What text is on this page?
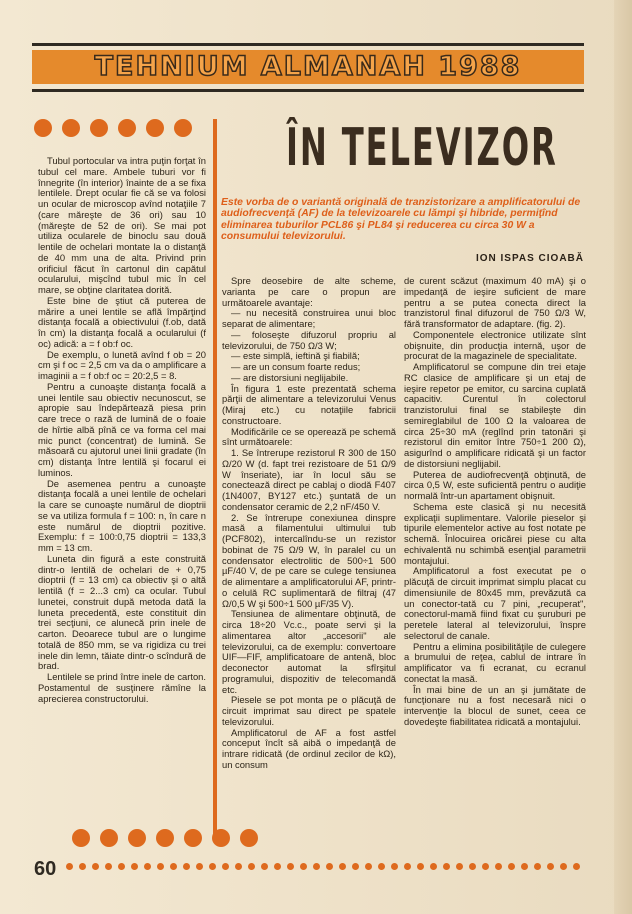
TEHNIUM ALMANAH 1988
ÎN TELEVIZOR
Este vorba de o variantă originală de tranzistorizare a amplificatorului de audiofrecvenţă (AF) de la televizoarele cu lămpi şi hibride, permiţînd eliminarea tuburilor PCL86 şi PL84 şi reducerea cu circa 30 W a consumului televizorului.
ION ISPAS CIOABĂ

Tubul portocular va intra puţin forţat în tubul cel mare. Ambele tuburi vor fi înnegrite (în interior) înainte de a se fixa lentilele. Drept ocular fie că se va folosi un ocular de microscop avînd notaţiile 7 (care măreşte de 36 ori) sau 10 (măreşte de 52 de ori). Se mai pot utiliza ocularele de binoclu sau două lentile de ochelari montate la o distanţă de 40 mm una de alta. Privind prin orificiul făcut în cartonul din capătul ocularului, mişcînd tubul mic în cel mare, se obţine claritatea dorită.

Este bine de ştiut că puterea de mărire a unei lentile se află împărţind distanţa focală a obiectivului (f.ob, dată în cm) la distanţa focală a ocularului (f oc) adică: a = f ob:f oc.

De exemplu, o lunetă avînd f ob = 20 cm şi f oc = 2,5 cm va da o amplificare a imaginii a = f ob:f oc = 20:2,5 = 8.

Pentru a cunoaşte distanţa focală a unei lentile sau obiectiv necunoscut, se apropie sau îndepărtează piesa prin care trece o rază de lumină de o foaie de hîrtie albă pînă ce va forma cel mai mic punct (concentrat) de lumină. Se măsoară cu ajutorul unei linii gradate (în cm) distanţa între lentilă şi focarul ei luminos.

De asemenea pentru a cunoaşte distanţa focală a unei lentile de ochelari la care se cunoaşte numărul de dioptrii se va utiliza formula f = 100: n, în care n este numărul de dioptrii pozitive. Exemplu: f = 100:0,75 dioptrii = 133,3 mm = 13 cm.

Luneta din figură a este construită dintr-o lentilă de ochelari de + 0,75 dioptrii (f = 13 cm) ca obiectiv şi o altă lentilă (f = 2...3 cm) ca ocular. Tubul lunetei, construit după metoda dată la luneta precedentă, este constituit din trei secţiuni, ce alunecă prin inele de carton. Deoarece tubul are o lungime totală de 850 mm, se va rigidiza cu trei inele din lemn, tăiate dintr-o scîndură de brad.

Lentilele se prind între inele de carton. Postamentul de susţinere rămîne la aprecierea constructorului.

Spre deosebire de alte scheme, varianta pe care o propun are următoarele avantaje:

— nu necesită construirea unui bloc separat de alimentare;

— foloseşte difuzorul propriu al televizorului, de 750 Ω/3 W;

— este simplă, ieftină şi fiabilă;

— are un consum foarte redus;

— are distorsiuni neglijabile.

În figura 1 este prezentată schema părţii de alimentare a televizorului Venus (Miraj etc.) cu notaţiile fabricii constructoare.

Modificările ce se operează pe schemă sînt următoarele:

1. Se întrerupe rezistorul R 300 de 150 Ω/20 W (d. fapt trei rezistoare de 51 Ω/9 W înseriate), iar în locul său se conectează direct pe cablaj o diodă F407 (1N4007, BY127 etc.) şuntată de un condensator ceramic de 2,2 nF/450 V.

2. Se întrerupe conexiunea dinspre masă a filamentului ultimului tub (PCF802), intercalîndu-se un rezistor bobinat de 75 Ω/9 W, în paralel cu un condensator electrolitic de 500÷1 500 µF/40 V, de pe care se culege tensiunea de alimentare a amplificatorului AF, printr-o celulă RC suplimentară de filtraj (47 Ω/0,5 W şi 500÷1 500 µF/35 V).

Tensiunea de alimentare obţinută, de circa 18÷20 Vc.c., poate servi şi la alimentarea altor „accesorii" ale televizorului, ca de exemplu: convertoare UIF—FIF, amplificatoare de antenă, bloc deconector automat la sfîrşitul programului, dispozitiv de telecomandă etc.

Piesele se pot monta pe o plăcuţă de circuit imprimat sau direct pe spatele televizorului.

Amplificatorul de AF a fost astfel conceput încît să aibă o impedanţă de intrare ridicată (de ordinul zecilor de kΩ), un consum

de curent scăzut (maximum 40 mA) şi o impedanţă de ieşire suficient de mare pentru a se putea conecta direct la tranzistorul final difuzorul de 750 Ω/3 W, fără transformator de adaptare. (fig. 2).

Componentele electronice utilizate sînt obişnuite, din producţia internă, uşor de procurat de la magazinele de specialitate.

Amplificatorul se compune din trei etaje RC clasice de amplificare şi un etaj de ieşire repetor pe emitor, cu sarcina cuplată capacitiv. Curentul în colectorul tranzistorului final se stabileşte din semireglabilul de 100 Ω la valoarea de circa 25÷30 mA (reglînd prin tatonări şi rezistorul din emitor între 750÷1 200 Ω), asigurînd o amplificare ridicată şi un factor de distorsiuni neglijabil.

Puterea de audiofrecvenţă obţinută, de circa 0,5 W, este suficientă pentru o audiţie normală într-un apartament obişnuit.

Schema este clasică şi nu necesită explicaţii suplimentare. Valorile pieselor şi tipurile elementelor active au fost notate pe schemă. Înlocuirea oricărei piese cu alta echivalentă nu schimbă esenţial parametrii montajului.

Amplificatorul a fost executat pe o plăcuţă de circuit imprimat simplu placat cu dimensiunile de 80x45 mm, prevăzută ca un conector-tată cu 7 pini, „recuperat", conectorul-mamă fiind fixat cu şuruburi pe peretele lateral al televizorului, înspre selectorul de canale.

Pentru a elimina posibilităţile de culegere a brumului de reţea, cablul de intrare în amplificator va fi ecranat, cu ecranul conectat la masă.

În mai bine de un an şi jumătate de funcţionare nu a fost necesară nici o intervenţie la blocul de sunet, ceea ce dovedeşte fiabilitatea ridicată a montajului.

60
